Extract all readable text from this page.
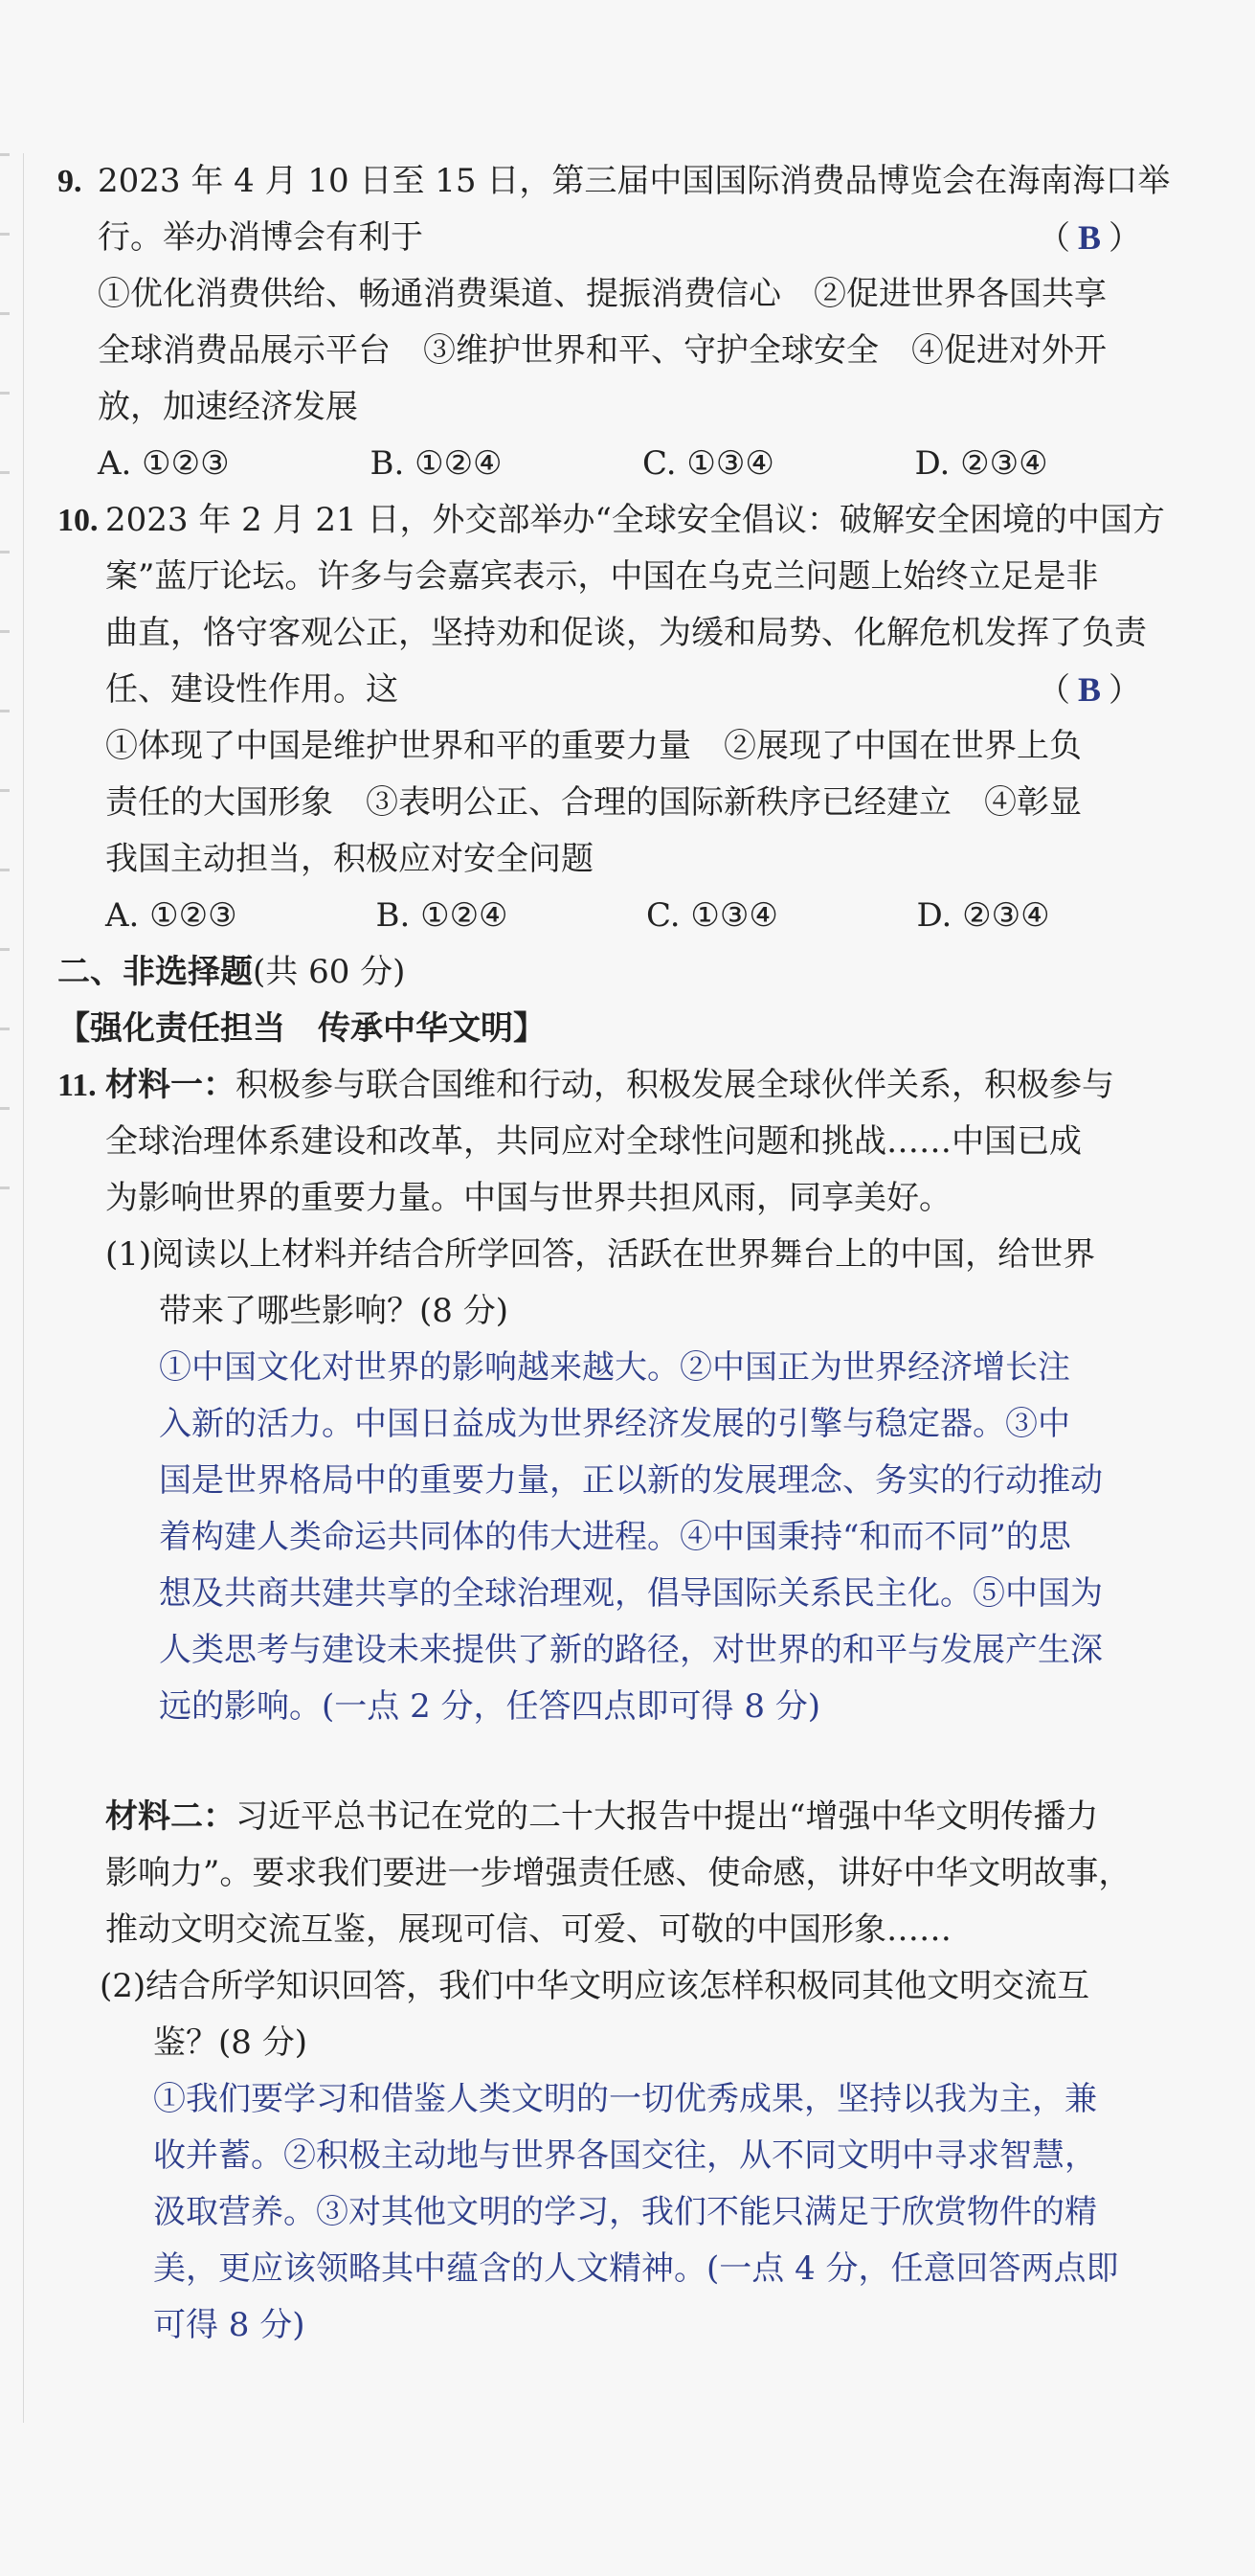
9. 2023 年 4 月 10 日至 15 日，第三届中国国际消费品博览会在海南海口举
行。举办消博会有利于	（B）
①优化消费供给、畅通消费渠道、提振消费信心　②促进世界各国共享
全球消费品展示平台　③维护世界和平、守护全球安全　④促进对外开
放，加速经济发展
A. ①②③	B. ①②④	C. ①③④	D. ②③④
10. 2023 年 2 月 21 日，外交部举办“全球安全倡议：破解安全困境的中国方
案”蓝厅论坛。许多与会嘉宾表示，中国在乌克兰问题上始终立足是非
曲直，恪守客观公正，坚持劝和促谈，为缓和局势、化解危机发挥了负责
任、建设性作用。这	（B）
①体现了中国是维护世界和平的重要力量　②展现了中国在世界上负
责任的大国形象　③表明公正、合理的国际新秩序已经建立　④彰显
我国主动担当，积极应对安全问题
A. ①②③	B. ①②④	C. ①③④	D. ②③④
二、非选择题(共 60 分)
【强化责任担当　传承中华文明】
11. 材料一：积极参与联合国维和行动，积极发展全球伙伴关系，积极参与
全球治理体系建设和改革，共同应对全球性问题和挑战……中国已成
为影响世界的重要力量。中国与世界共担风雨，同享美好。
(1)阅读以上材料并结合所学回答，活跃在世界舞台上的中国，给世界
带来了哪些影响？(8 分)
①中国文化对世界的影响越来越大。②中国正为世界经济增长注
入新的活力。中国日益成为世界经济发展的引擎与稳定器。③中
国是世界格局中的重要力量，正以新的发展理念、务实的行动推动
着构建人类命运共同体的伟大进程。④中国秉持“和而不同”的思
想及共商共建共享的全球治理观，倡导国际关系民主化。⑤中国为
人类思考与建设未来提供了新的路径，对世界的和平与发展产生深
远的影响。(一点 2 分，任答四点即可得 8 分)
材料二：习近平总书记在党的二十大报告中提出“增强中华文明传播力
影响力”。要求我们要进一步增强责任感、使命感，讲好中华文明故事，
推动文明交流互鉴，展现可信、可爱、可敬的中国形象……
(2)结合所学知识回答，我们中华文明应该怎样积极同其他文明交流互
鉴？(8 分)
①我们要学习和借鉴人类文明的一切优秀成果，坚持以我为主，兼
收并蓄。②积极主动地与世界各国交往，从不同文明中寻求智慧，
汲取营养。③对其他文明的学习，我们不能只满足于欣赏物件的精
美，更应该领略其中蕴含的人文精神。(一点 4 分，任意回答两点即
可得 8 分)
